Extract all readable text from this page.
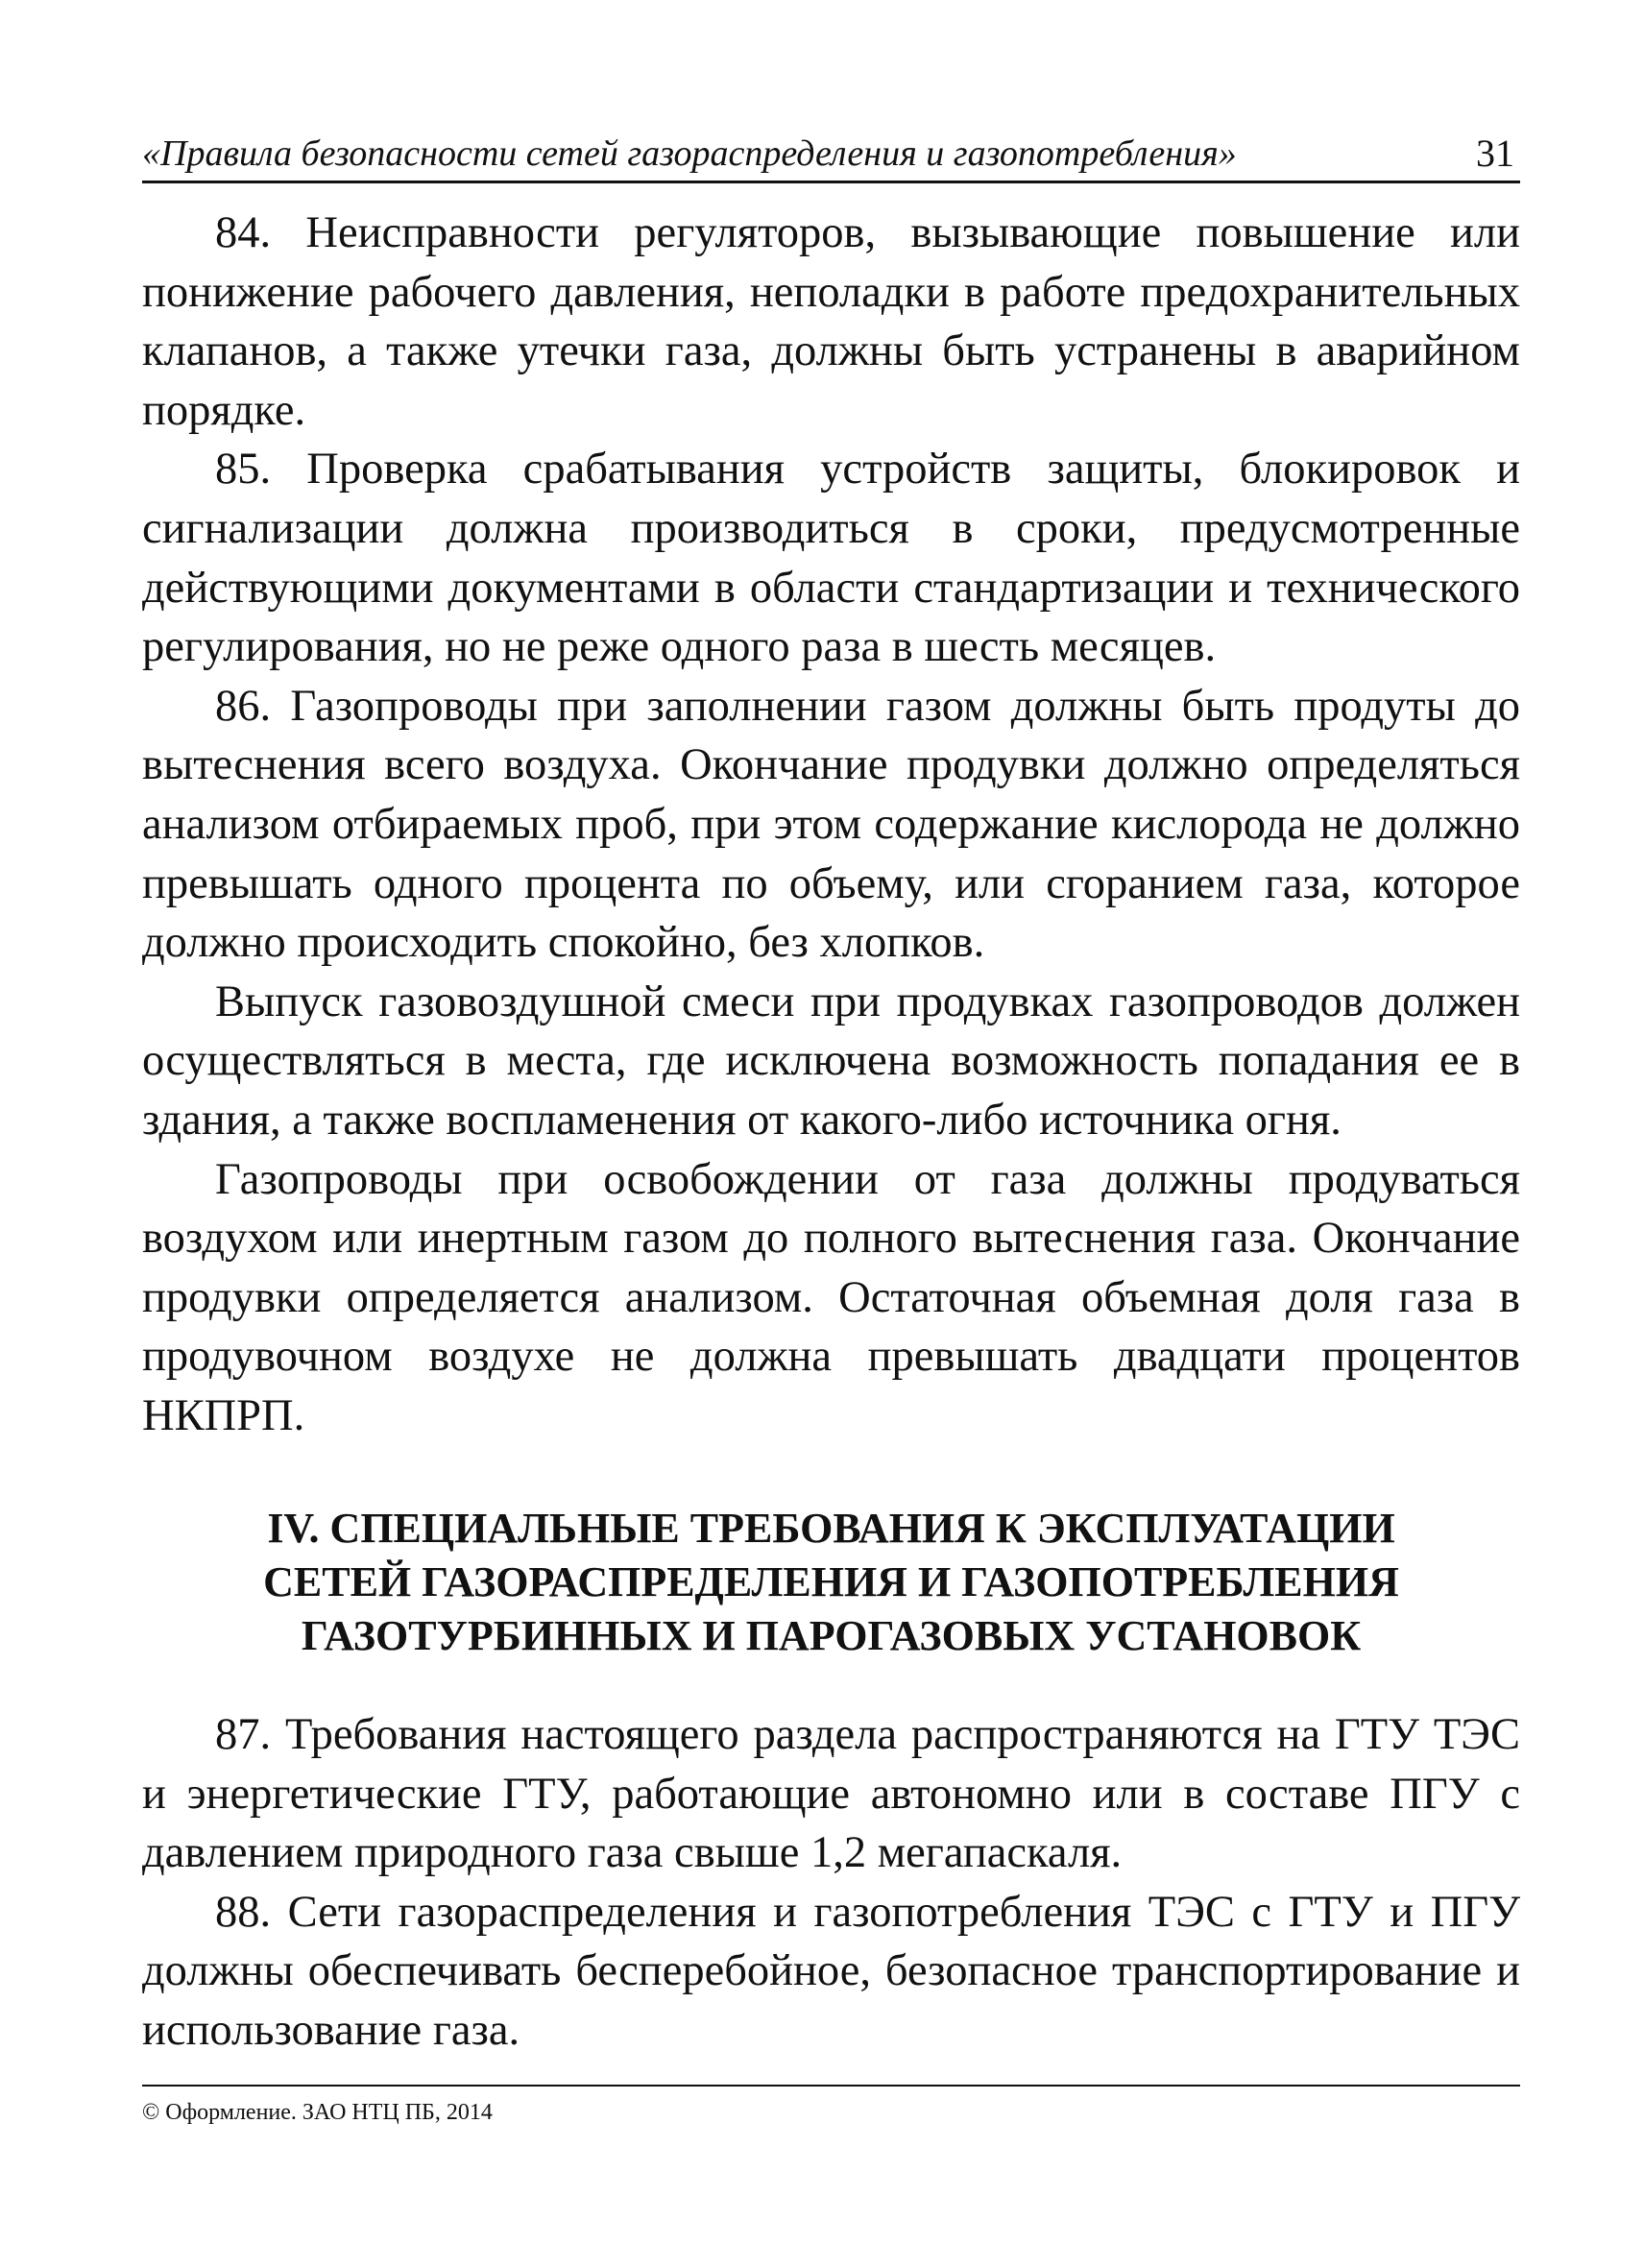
«Правила безопасности сетей газораспределения и газопотребления»	31

84. Неисправности регуляторов, вызывающие повышение или понижение рабочего давления, неполадки в работе предохранительных клапанов, а также утечки газа, должны быть устранены в аварийном порядке.

85. Проверка срабатывания устройств защиты, блокировок и сигнализации должна производиться в сроки, предусмотренные действующими документами в области стандартизации и технического регулирования, но не реже одного раза в шесть месяцев.

86. Газопроводы при заполнении газом должны быть продуты до вытеснения всего воздуха. Окончание продувки должно определяться анализом отбираемых проб, при этом содержание кислорода не должно превышать одного процента по объему, или сгоранием газа, которое должно происходить спокойно, без хлопков.

Выпуск газовоздушной смеси при продувках газопроводов должен осуществляться в места, где исключена возможность попадания ее в здания, а также воспламенения от какого-либо источника огня.

Газопроводы при освобождении от газа должны продуваться воздухом или инертным газом до полного вытеснения газа. Окончание продувки определяется анализом. Остаточная объемная доля газа в продувочном воздухе не должна превышать двадцати процентов НКПРП.

IV. СПЕЦИАЛЬНЫЕ ТРЕБОВАНИЯ К ЭКСПЛУАТАЦИИ
СЕТЕЙ ГАЗОРАСПРЕДЕЛЕНИЯ И ГАЗОПОТРЕБЛЕНИЯ
ГАЗОТУРБИННЫХ И ПАРОГАЗОВЫХ УСТАНОВОК

87. Требования настоящего раздела распространяются на ГТУ ТЭС и энергетические ГТУ, работающие автономно или в составе ПГУ с давлением природного газа свыше 1,2 мегапаскаля.

88. Сети газораспределения и газопотребления ТЭС с ГТУ и ПГУ должны обеспечивать бесперебойное, безопасное транспортирование и использование газа.

© Оформление. ЗАО НТЦ ПБ, 2014
